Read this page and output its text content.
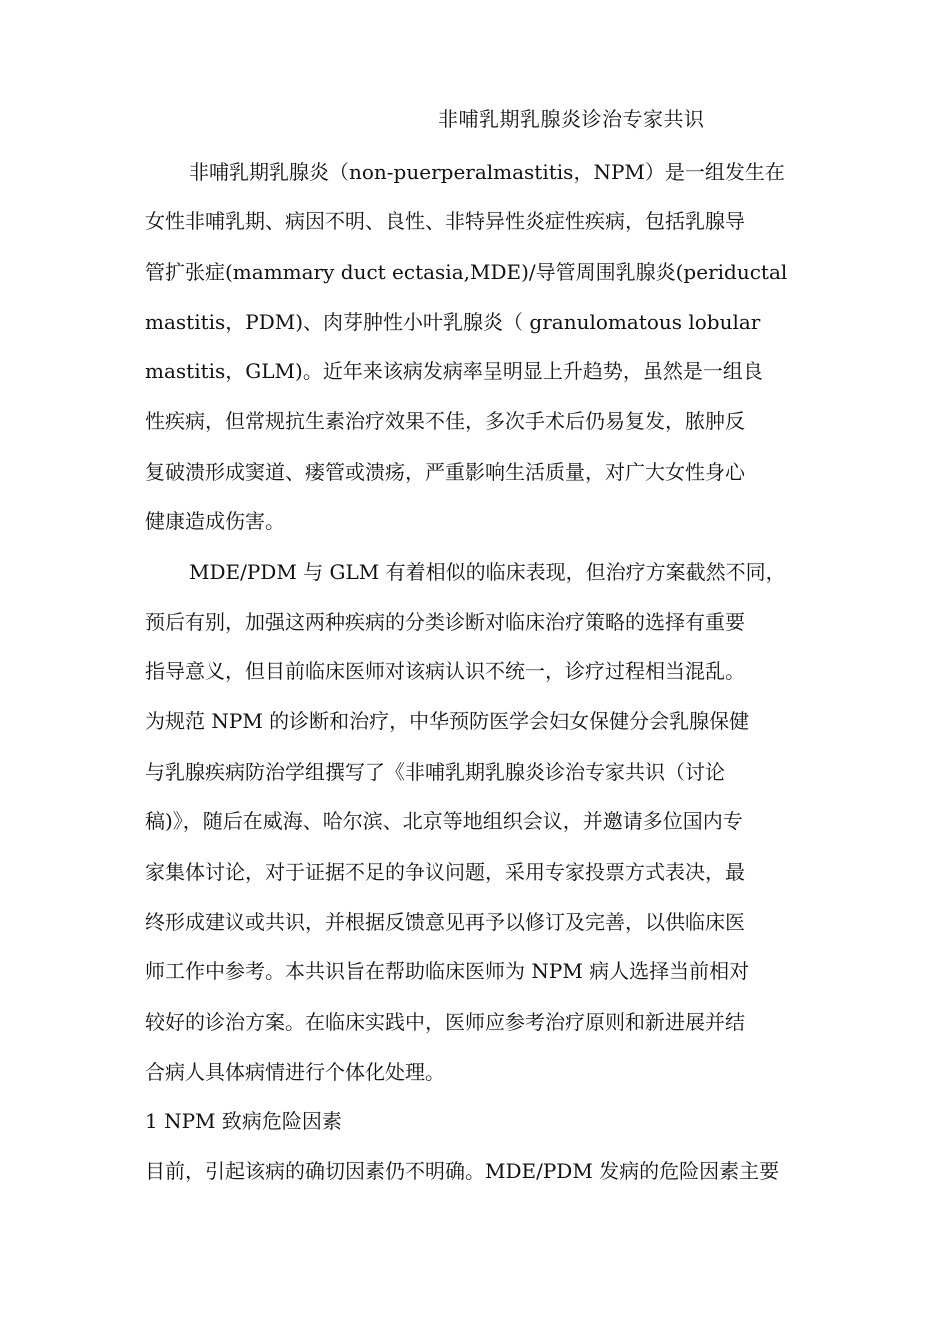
非哺乳期乳腺炎诊治专家共识
非哺乳期乳腺炎（non-puerperalmastitis，NPM）是一组发生在
女性非哺乳期、病因不明、良性、非特异性炎症性疾病，包括乳腺导
管扩张症(mammary duct ectasia,MDE)/导管周围乳腺炎(periductal
mastitis，PDM)、肉芽肿性小叶乳腺炎（ granulomatous lobular
mastitis，GLM)。近年来该病发病率呈明显上升趋势，虽然是一组良
性疾病，但常规抗生素治疗效果不佳，多次手术后仍易复发，脓肿反
复破溃形成窦道、瘘管或溃疡，严重影响生活质量，对广大女性身心
健康造成伤害。
MDE/PDM 与 GLM 有着相似的临床表现，但治疗方案截然不同，
预后有别，加强这两种疾病的分类诊断对临床治疗策略的选择有重要
指导意义，但目前临床医师对该病认识不统一，诊疗过程相当混乱。
为规范 NPM 的诊断和治疗，中华预防医学会妇女保健分会乳腺保健
与乳腺疾病防治学组撰写了《非哺乳期乳腺炎诊治专家共识（讨论
稿)》，随后在威海、哈尔滨、北京等地组织会议，并邀请多位国内专
家集体讨论，对于证据不足的争议问题，采用专家投票方式表决，最
终形成建议或共识，并根据反馈意见再予以修订及完善，以供临床医
师工作中参考。本共识旨在帮助临床医师为 NPM 病人选择当前相对
较好的诊治方案。在临床实践中，医师应参考治疗原则和新进展并结
合病人具体病情进行个体化处理。
1 NPM 致病危险因素
目前，引起该病的确切因素仍不明确。MDE/PDM 发病的危险因素主要
